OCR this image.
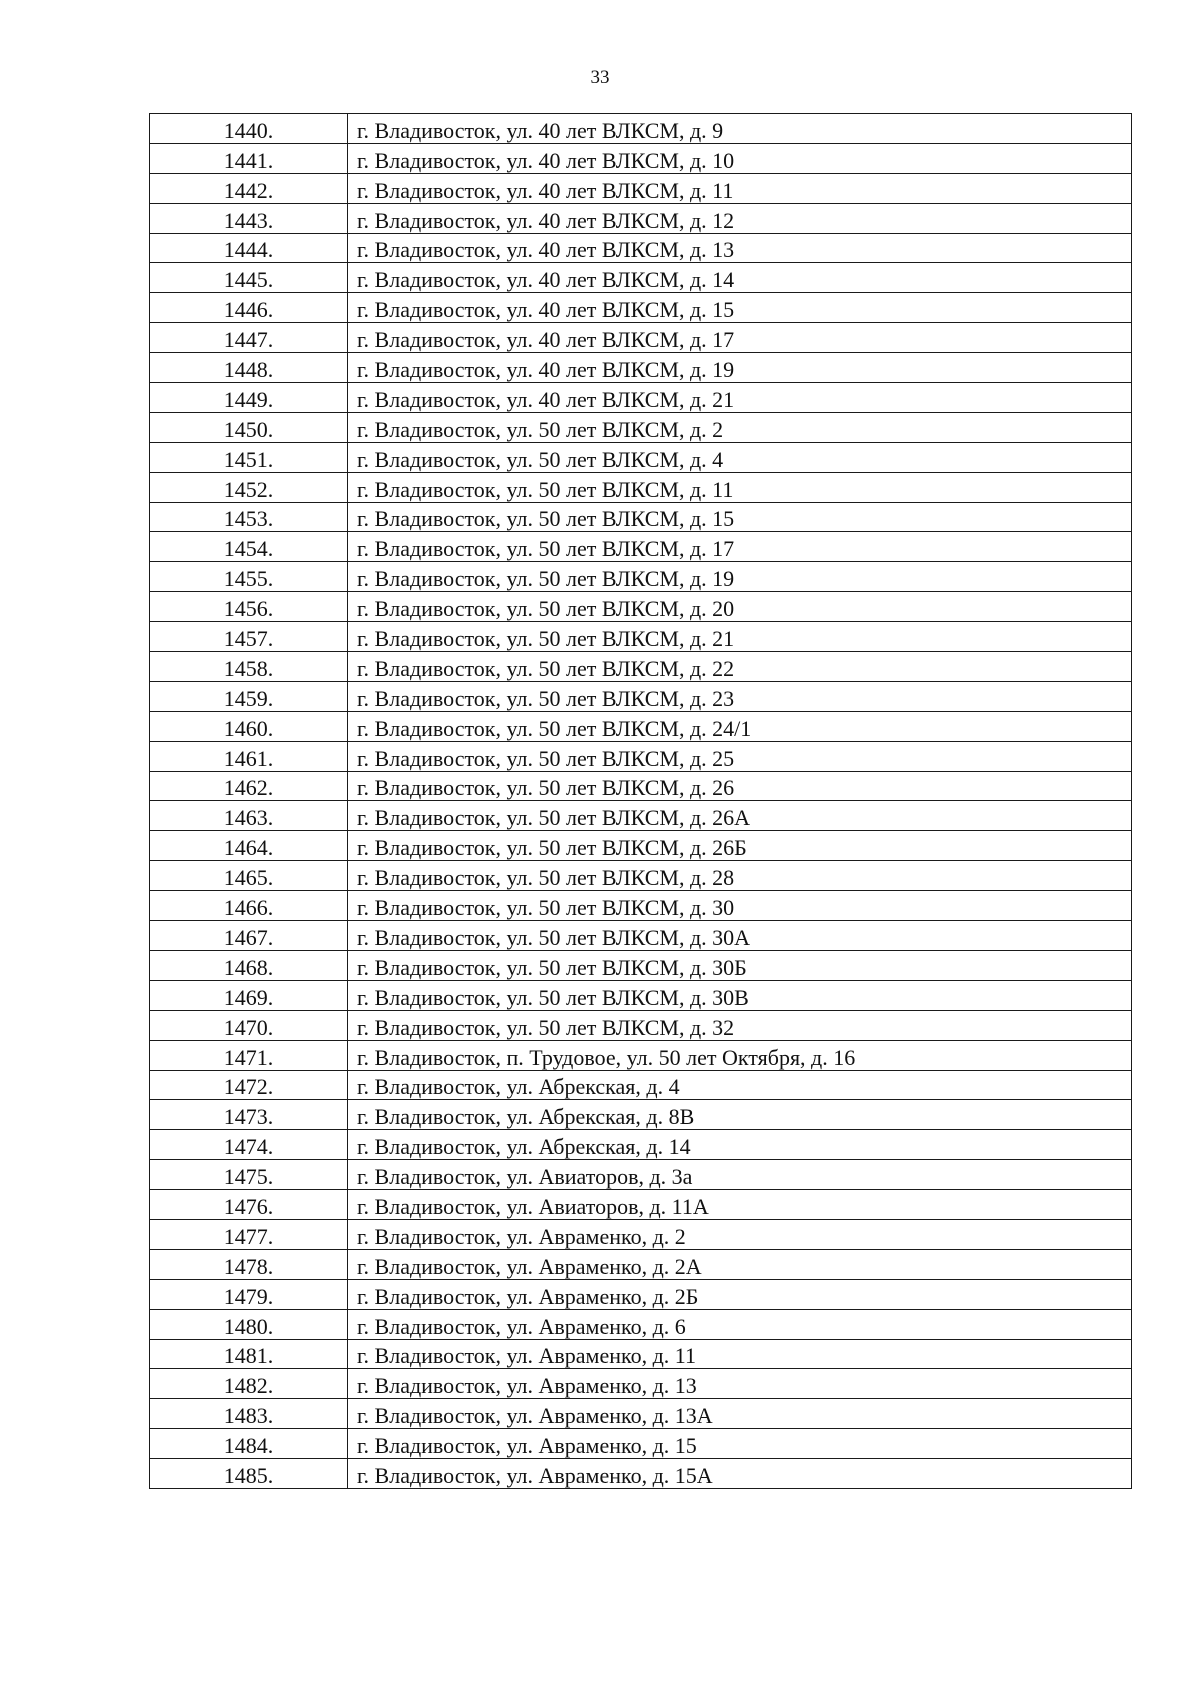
33
1440.	г. Владивосток, ул. 40 лет ВЛКСМ, д. 9
1441.	г. Владивосток, ул. 40 лет ВЛКСМ, д. 10
1442.	г. Владивосток, ул. 40 лет ВЛКСМ, д. 11
1443.	г. Владивосток, ул. 40 лет ВЛКСМ, д. 12
1444.	г. Владивосток, ул. 40 лет ВЛКСМ, д. 13
1445.	г. Владивосток, ул. 40 лет ВЛКСМ, д. 14
1446.	г. Владивосток, ул. 40 лет ВЛКСМ, д. 15
1447.	г. Владивосток, ул. 40 лет ВЛКСМ, д. 17
1448.	г. Владивосток, ул. 40 лет ВЛКСМ, д. 19
1449.	г. Владивосток, ул. 40 лет ВЛКСМ, д. 21
1450.	г. Владивосток, ул. 50 лет ВЛКСМ, д. 2
1451.	г. Владивосток, ул. 50 лет ВЛКСМ, д. 4
1452.	г. Владивосток, ул. 50 лет ВЛКСМ, д. 11
1453.	г. Владивосток, ул. 50 лет ВЛКСМ, д. 15
1454.	г. Владивосток, ул. 50 лет ВЛКСМ, д. 17
1455.	г. Владивосток, ул. 50 лет ВЛКСМ, д. 19
1456.	г. Владивосток, ул. 50 лет ВЛКСМ, д. 20
1457.	г. Владивосток, ул. 50 лет ВЛКСМ, д. 21
1458.	г. Владивосток, ул. 50 лет ВЛКСМ, д. 22
1459.	г. Владивосток, ул. 50 лет ВЛКСМ, д. 23
1460.	г. Владивосток, ул. 50 лет ВЛКСМ, д. 24/1
1461.	г. Владивосток, ул. 50 лет ВЛКСМ, д. 25
1462.	г. Владивосток, ул. 50 лет ВЛКСМ, д. 26
1463.	г. Владивосток, ул. 50 лет ВЛКСМ, д. 26А
1464.	г. Владивосток, ул. 50 лет ВЛКСМ, д. 26Б
1465.	г. Владивосток, ул. 50 лет ВЛКСМ, д. 28
1466.	г. Владивосток, ул. 50 лет ВЛКСМ, д. 30
1467.	г. Владивосток, ул. 50 лет ВЛКСМ, д. 30А
1468.	г. Владивосток, ул. 50 лет ВЛКСМ, д. 30Б
1469.	г. Владивосток, ул. 50 лет ВЛКСМ, д. 30В
1470.	г. Владивосток, ул. 50 лет ВЛКСМ, д. 32
1471.	г. Владивосток, п. Трудовое, ул. 50 лет Октября, д. 16
1472.	г. Владивосток, ул. Абрекская, д. 4
1473.	г. Владивосток, ул. Абрекская, д. 8В
1474.	г. Владивосток, ул. Абрекская, д. 14
1475.	г. Владивосток, ул. Авиаторов, д. 3а
1476.	г. Владивосток, ул. Авиаторов, д. 11А
1477.	г. Владивосток, ул. Авраменко, д. 2
1478.	г. Владивосток, ул. Авраменко, д. 2А
1479.	г. Владивосток, ул. Авраменко, д. 2Б
1480.	г. Владивосток, ул. Авраменко, д. 6
1481.	г. Владивосток, ул. Авраменко, д. 11
1482.	г. Владивосток, ул. Авраменко, д. 13
1483.	г. Владивосток, ул. Авраменко, д. 13А
1484.	г. Владивосток, ул. Авраменко, д. 15
1485.	г. Владивосток, ул. Авраменко, д. 15А
